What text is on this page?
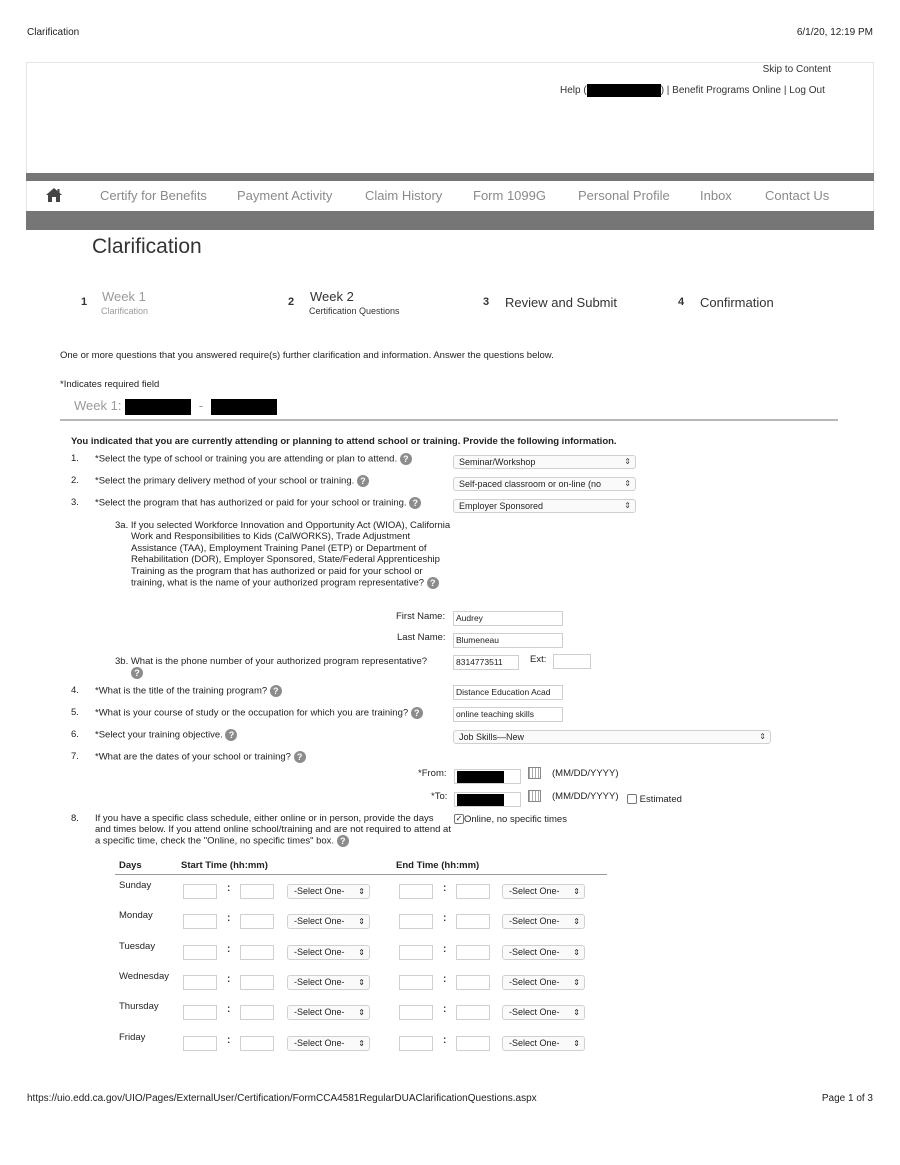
Clarification	6/1/20, 12:19 PM
Skip to Content
Help (	) | Benefit Programs Online | Log Out
Certify for Benefits Payment Activity	Claim History Form 1099G Personal Profile Inbox	Contact Us
Clarification
1 Week 1
Clarification
2 Week 2
Certification Questions
3 Review and Submit	4 Confirmation
One or more questions that you answered require(s) further clarification and information. Answer the questions below.
*Indicates required field
Week 1:	-
You indicated that you are currently attending or planning to attend school or training. Provide the following information.
1. *Select the type of school or training you are attending or plan to attend. ?	Seminar/Workshop	⇕
2. *Select the primary delivery method of your school or training. ?	Self-paced classroom or on-line (no	⇕
3. *Select the program that has authorized or paid for your school or training. ?	Employer Sponsored	⇕
3a. If you selected Workforce Innovation and Opportunity Act (WIOA), California Work and Responsibilities to Kids (CalWORKS), Trade Adjustment Assistance (TAA), Employment Training Panel (ETP) or Department of Rehabilitation (DOR), Employer Sponsored, State/Federal Apprenticeship Training as the program that has authorized or paid for your school or training, what is the name of your authorized program representative? ?
First Name:	Audrey
Last Name:	Blumeneau
3b. What is the phone number of your authorized program representative?
?
8314773511	Ext:
4. *What is the title of the training program? ?	Distance Education Acad
5. *What is your course of study or the occupation for which you are training? ?	online teaching skills
6. *Select your training objective. ?	Job Skills—New	⇕
7. *What are the dates of your school or training? ?
*From:	(MM/DD/YYYY)
*To:	(MM/DD/YYYY)	Estimated
8. If you have a specific class schedule, either online or in person, provide the days and times below. If you attend online school/training and are not required to attend at a specific time, check the "Online, no specific times" box. ?
✓ Online, no specific times
Days	Start Time (hh:mm)	End Time (hh:mm)
Sunday	:	-Select One- ⇕	:	-Select One- ⇕
Monday	:	-Select One- ⇕	:	-Select One- ⇕
Tuesday	:	-Select One- ⇕	:	-Select One- ⇕
Wednesday	:	-Select One- ⇕	:	-Select One- ⇕
Thursday	:	-Select One- ⇕	:	-Select One- ⇕
Friday	:	-Select One- ⇕	:	-Select One- ⇕
https://uio.edd.ca.gov/UIO/Pages/ExternalUser/Certification/FormCCA4581RegularDUAClarificationQuestions.aspx	Page 1 of 3
